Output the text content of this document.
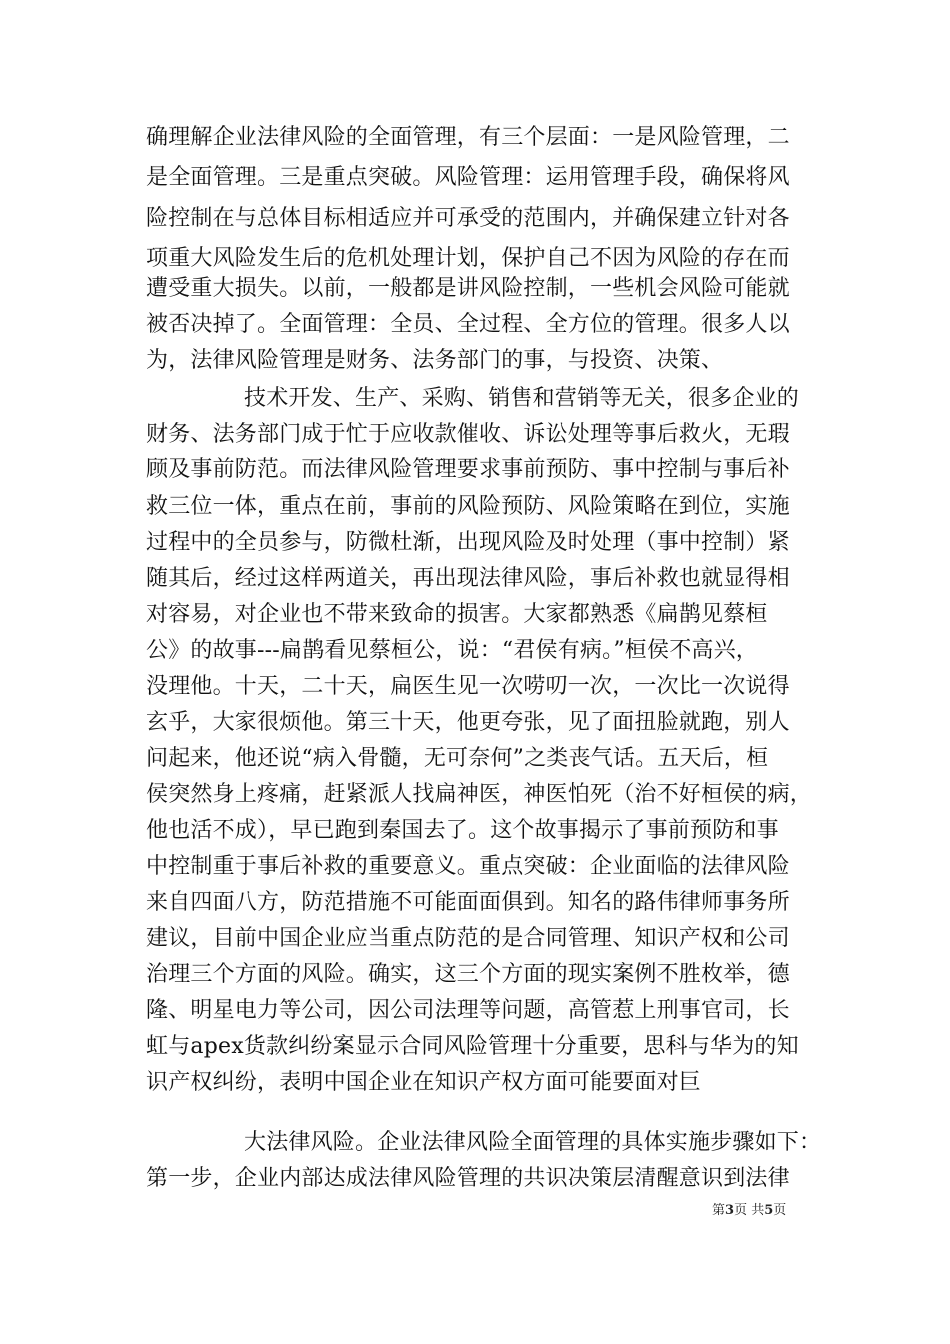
确理解企业法律风险的全面管理，有三个层面：一是风险管理，二
是全面管理。三是重点突破。风险管理：运用管理手段，确保将风
险控制在与总体目标相适应并可承受的范围内，并确保建立针对各
项重大风险发生后的危机处理计划，保护自己不因为风险的存在而
遭受重大损失。以前，一般都是讲风险控制，一些机会风险可能就
被否决掉了。全面管理：全员、全过程、全方位的管理。很多人以
为，法律风险管理是财务、法务部门的事，与投资、决策、
技术开发、生产、采购、销售和营销等无关，很多企业的
财务、法务部门成于忙于应收款催收、诉讼处理等事后救火，无瑕
顾及事前防范。而法律风险管理要求事前预防、事中控制与事后补
救三位一体，重点在前，事前的风险预防、风险策略在到位，实施
过程中的全员参与，防微杜渐，出现风险及时处理（事中控制）紧
随其后，经过这样两道关，再出现法律风险，事后补救也就显得相
对容易，对企业也不带来致命的损害。大家都熟悉《扁鹊见蔡桓
公》的故事---扁鹊看见蔡桓公，说：“君侯有病。”桓侯不高兴，
没理他。十天，二十天，扁医生见一次唠叨一次，一次比一次说得
玄乎，大家很烦他。第三十天，他更夸张，见了面扭脸就跑，别人
问起来，他还说“病入骨髓，无可奈何”之类丧气话。五天后，桓
侯突然身上疼痛，赶紧派人找扁神医，神医怕死（治不好桓侯的病，
他也活不成），早已跑到秦国去了。这个故事揭示了事前预防和事
中控制重于事后补救的重要意义。重点突破：企业面临的法律风险
来自四面八方，防范措施不可能面面俱到。知名的路伟律师事务所
建议，目前中国企业应当重点防范的是合同管理、知识产权和公司
治理三个方面的风险。确实，这三个方面的现实案例不胜枚举，德
隆、明星电力等公司，因公司法理等问题，高管惹上刑事官司，长
虹与apex货款纠纷案显示合同风险管理十分重要，思科与华为的知
识产权纠纷，表明中国企业在知识产权方面可能要面对巨
大法律风险。企业法律风险全面管理的具体实施步骤如下：
第一步，企业内部达成法律风险管理的共识决策层清醒意识到法律
第3页 共5页
